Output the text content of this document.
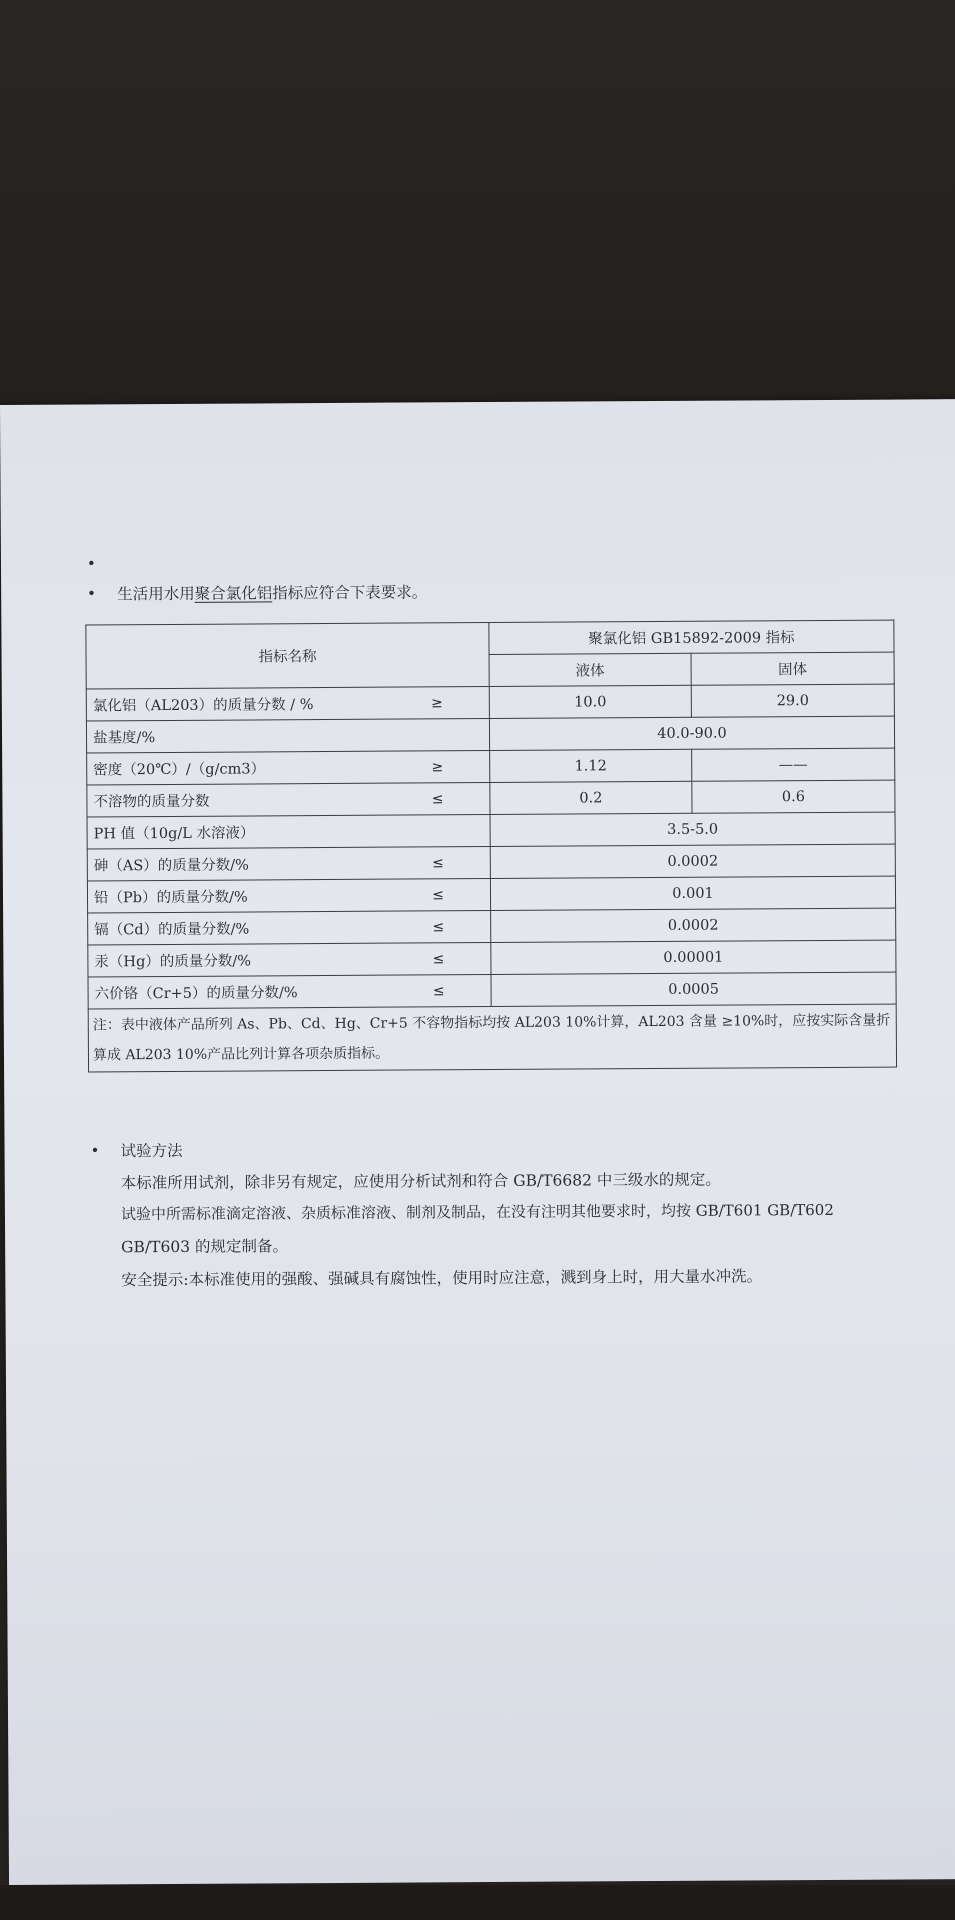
•
• 生活用水用聚合氯化铝指标应符合下表要求。
指标名称	聚氯化铝 GB15892-2009 指标	
	液体	固体

氯化铝（AL203）的质量分数 / % ≥	10.0	29.0
盐基度/%	40.0-90.0	

密度（20℃）/（g/cm3） ≥	1.12	——

不溶物的质量分数 ≤	0.2	0.6
PH 值（10g/L 水溶液）	3.5-5.0	

砷（AS）的质量分数/% ≤	0.0002	

铅（Pb）的质量分数/% ≤	0.001	

镉（Cd）的质量分数/% ≤	0.0002	

汞（Hg）的质量分数/% ≤	0.00001	

六价铬（Cr+5）的质量分数/% ≤	0.0005	
注：表中液体产品所列 As、Pb、Cd、Hg、Cr+5 不容物指标均按 AL203 10%计算，AL203 含量 ≥10%时，应按实际含量折算成 AL203 10%产品比列计算各项杂质指标。		
• 试验方法
本标准所用试剂，除非另有规定，应使用分析试剂和符合 GB/T6682 中三级水的规定。
试验中所需标准滴定溶液、杂质标准溶液、制剂及制品，在没有注明其他要求时，均按 GB/T601 GB/T602
GB/T603 的规定制备。
安全提示:本标准使用的强酸、强碱具有腐蚀性，使用时应注意，溅到身上时，用大量水冲洗。
